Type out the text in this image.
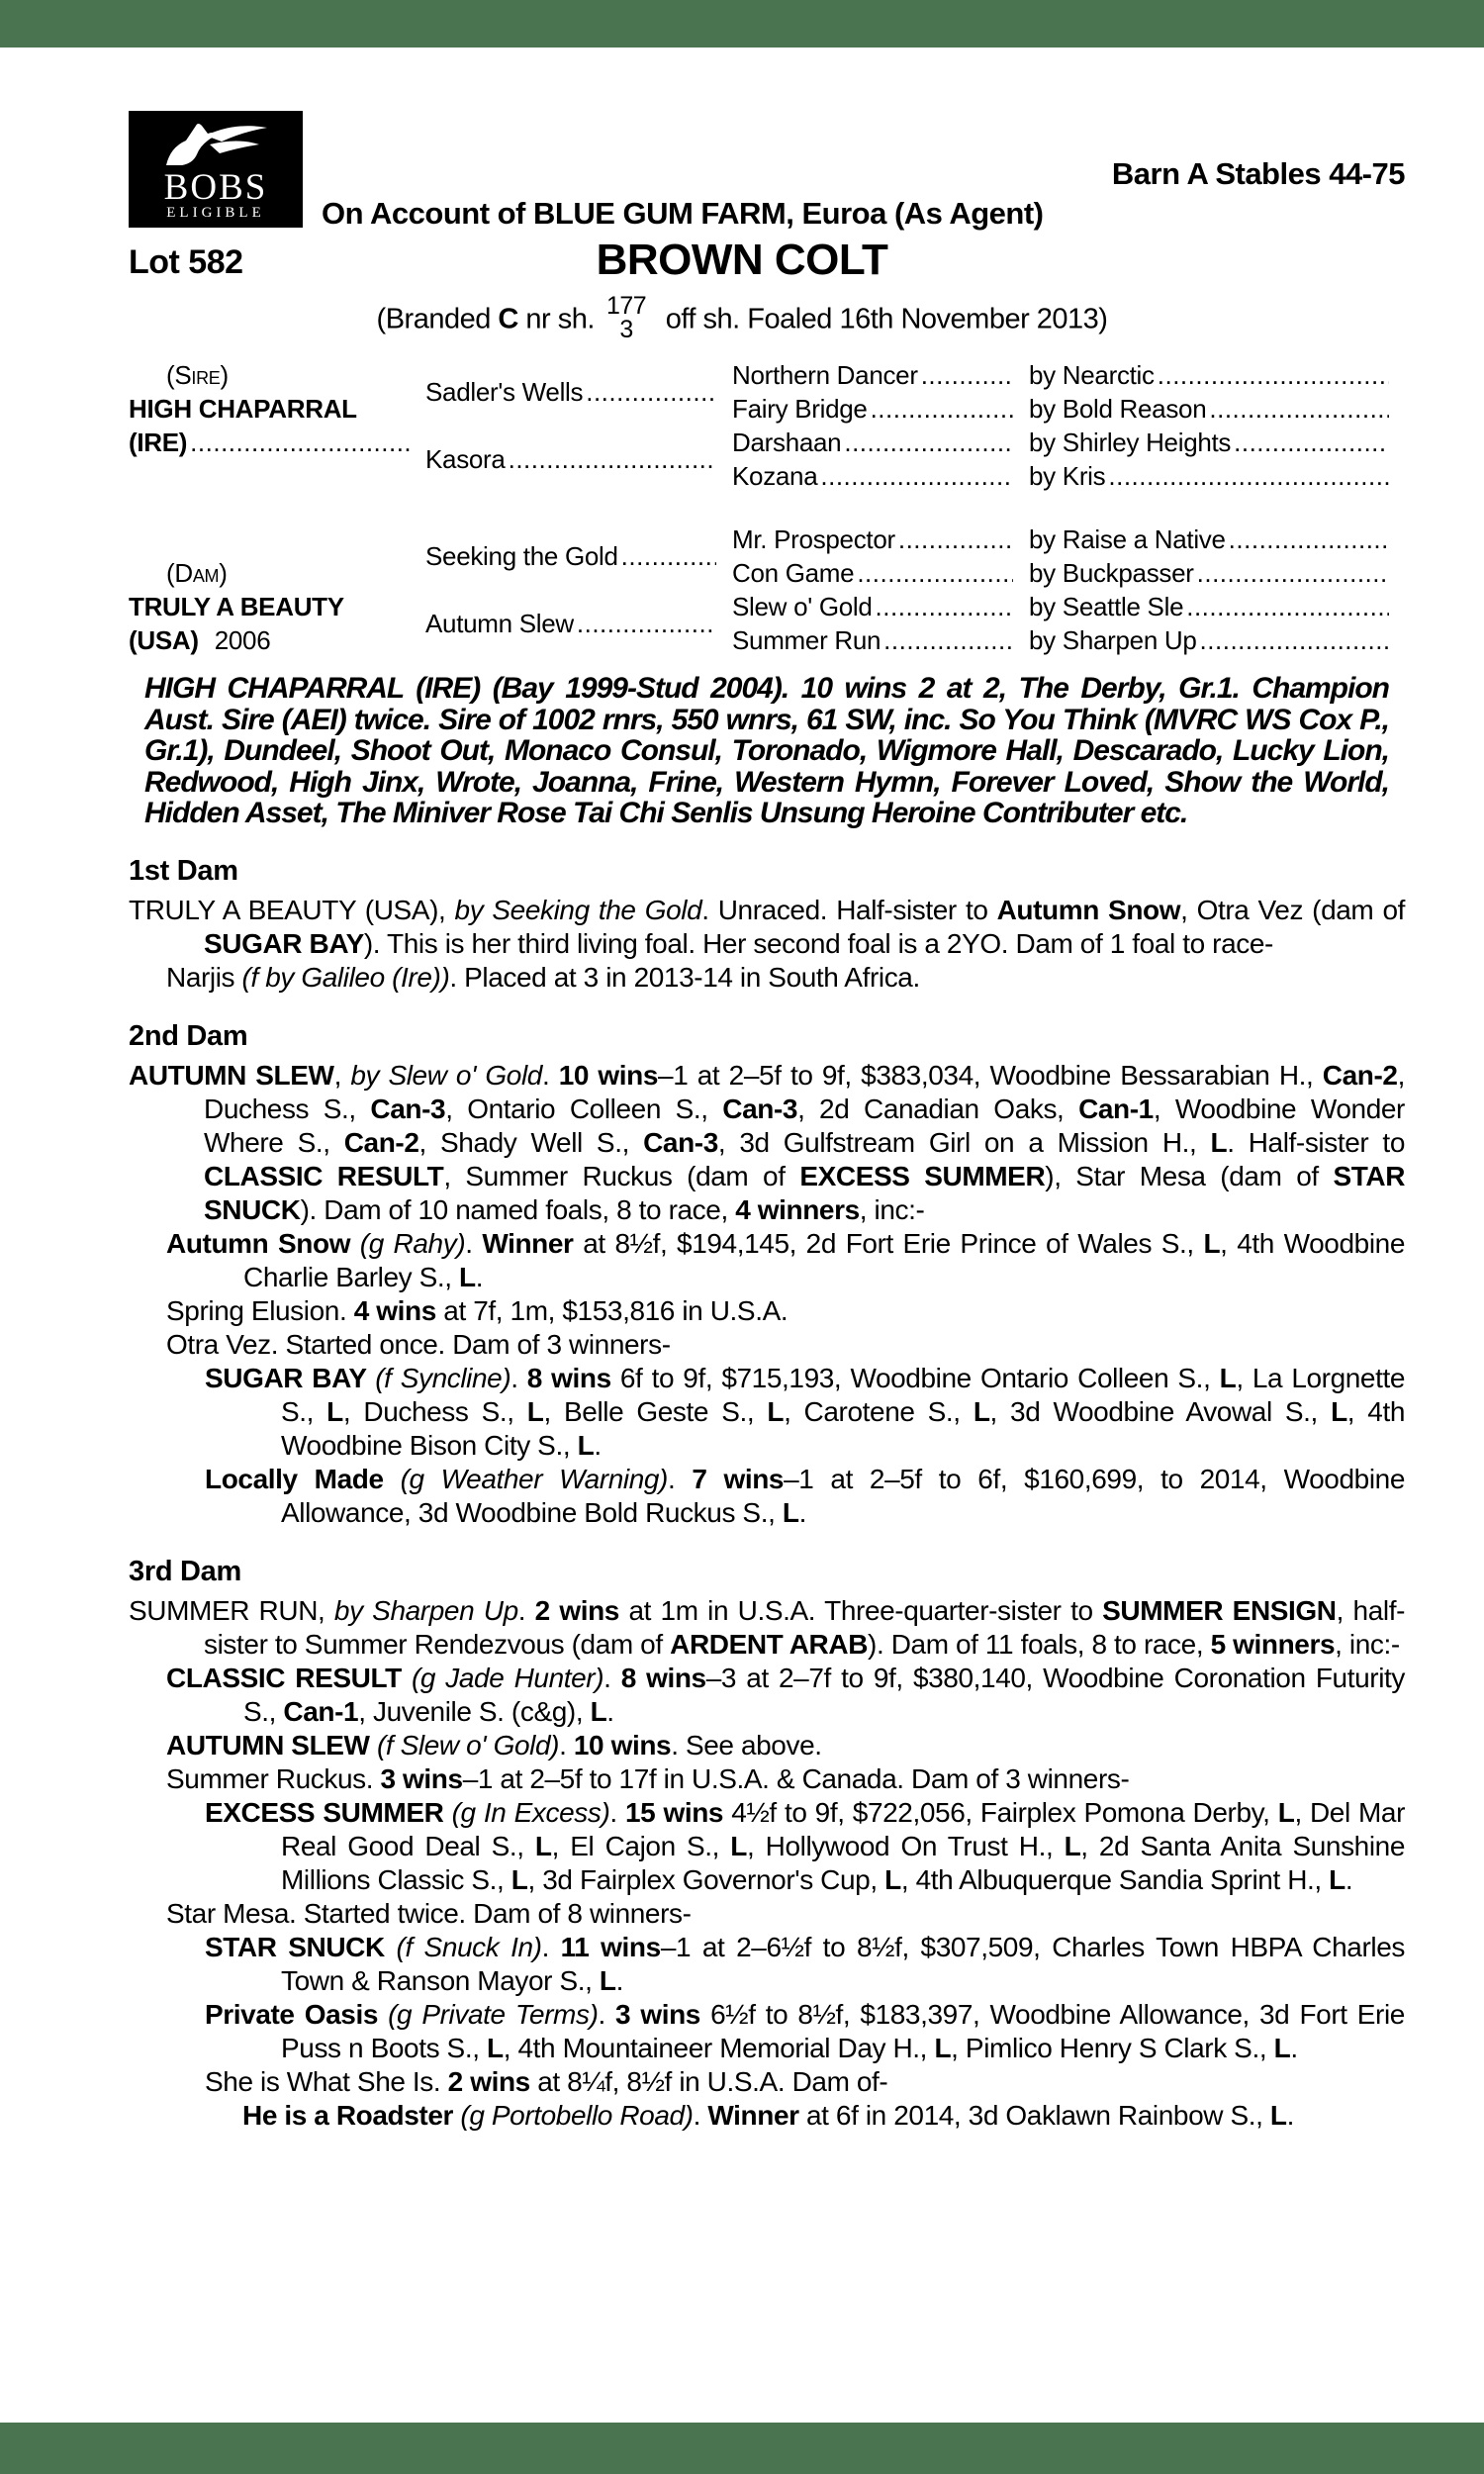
BOBS
ELIGIBLE
Barn A Stables 44-75
On Account of BLUE GUM FARM, Euroa (As Agent)
Lot 582	BROWN COLT
(Branded C nr sh. 177
3 off sh. Foaled 16th November 2013)
(Sire)
HIGH CHAPARRAL
(IRE)
.....
Sadler's Wells
.....
Kasora
.....
Northern Dancer
.....
Fairy Bridge
.....
Darshaan
.....
Kozana
.....
by Nearctic
.....
by Bold Reason
.....
by Shirley Heights
.....
by Kris
.....
(Dam)
TRULY A BEAUTY
(USA) 2006
Seeking the Gold
.....
Autumn Slew
.....
Mr. Prospector
.....
Con Game
.....
Slew o' Gold
.....
Summer Run
.....
by Raise a Native
.....
by Buckpasser
.....
by Seattle Sle
.....
by Sharpen Up
.....
HIGH CHAPARRAL (IRE) (Bay 1999-Stud 2004). 10 wins 2 at 2, The Derby, Gr.1. Champion Aust. Sire (AEI) twice. Sire of 1002 rnrs, 550 wnrs, 61 SW, inc. So You Think (MVRC WS Cox P., Gr.1), Dundeel, Shoot Out, Monaco Consul, Toronado, Wigmore Hall, Descarado, Lucky Lion, Redwood, High Jinx, Wrote, Joanna, Frine, Western Hymn, Forever Loved, Show the World, Hidden Asset, The Miniver Rose Tai Chi Senlis Unsung Heroine Contributer etc.
1st Dam
TRULY A BEAUTY (USA), by Seeking the Gold. Unraced. Half-sister to Autumn Snow, Otra Vez (dam of SUGAR BAY). This is her third living foal. Her second foal is a 2YO. Dam of 1 foal to race-
Narjis (f by Galileo (Ire)). Placed at 3 in 2013-14 in South Africa.
2nd Dam
AUTUMN SLEW, by Slew o' Gold. 10 wins–1 at 2–5f to 9f, $383,034, Woodbine Bessarabian H., Can-2, Duchess S., Can-3, Ontario Colleen S., Can-3, 2d Canadian Oaks, Can-1, Woodbine Wonder Where S., Can-2, Shady Well S., Can-3, 3d Gulfstream Girl on a Mission H., L. Half-sister to CLASSIC RESULT, Summer Ruckus (dam of EXCESS SUMMER), Star Mesa (dam of STAR SNUCK). Dam of 10 named foals, 8 to race, 4 winners, inc:-
Autumn Snow (g Rahy). Winner at 8½f, $194,145, 2d Fort Erie Prince of Wales S., L, 4th Woodbine Charlie Barley S., L.
Spring Elusion. 4 wins at 7f, 1m, $153,816 in U.S.A.
Otra Vez. Started once. Dam of 3 winners-
SUGAR BAY (f Syncline). 8 wins 6f to 9f, $715,193, Woodbine Ontario Colleen S., L, La Lorgnette S., L, Duchess S., L, Belle Geste S., L, Carotene S., L, 3d Woodbine Avowal S., L, 4th Woodbine Bison City S., L.
Locally Made (g Weather Warning). 7 wins–1 at 2–5f to 6f, $160,699, to 2014, Woodbine Allowance, 3d Woodbine Bold Ruckus S., L.
3rd Dam
SUMMER RUN, by Sharpen Up. 2 wins at 1m in U.S.A. Three-quarter-sister to SUMMER ENSIGN, half-sister to Summer Rendezvous (dam of ARDENT ARAB). Dam of 11 foals, 8 to race, 5 winners, inc:-
CLASSIC RESULT (g Jade Hunter). 8 wins–3 at 2–7f to 9f, $380,140, Woodbine Coronation Futurity S., Can-1, Juvenile S. (c&g), L.
AUTUMN SLEW (f Slew o' Gold). 10 wins. See above.
Summer Ruckus. 3 wins–1 at 2–5f to 17f in U.S.A. & Canada. Dam of 3 winners-
EXCESS SUMMER (g In Excess). 15 wins 4½f to 9f, $722,056, Fairplex Pomona Derby, L, Del Mar Real Good Deal S., L, El Cajon S., L, Hollywood On Trust H., L, 2d Santa Anita Sunshine Millions Classic S., L, 3d Fairplex Governor's Cup, L, 4th Albuquerque Sandia Sprint H., L.
Star Mesa. Started twice. Dam of 8 winners-
STAR SNUCK (f Snuck In). 11 wins–1 at 2–6½f to 8½f, $307,509, Charles Town HBPA Charles Town & Ranson Mayor S., L.
Private Oasis (g Private Terms). 3 wins 6½f to 8½f, $183,397, Woodbine Allowance, 3d Fort Erie Puss n Boots S., L, 4th Mountaineer Memorial Day H., L, Pimlico Henry S Clark S., L.
She is What She Is. 2 wins at 8¼f, 8½f in U.S.A. Dam of-
He is a Roadster (g Portobello Road). Winner at 6f in 2014, 3d Oaklawn Rainbow S., L.
